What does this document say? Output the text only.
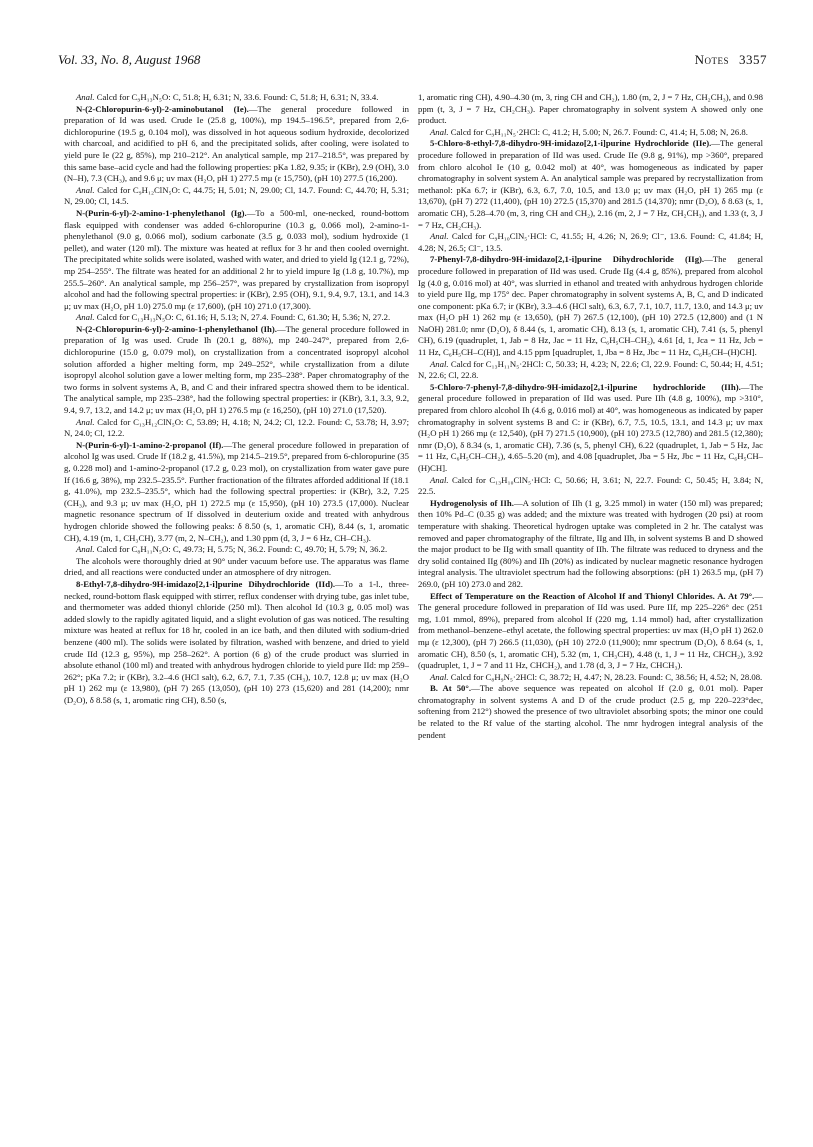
Vol. 33, No. 8, August 1968	Notes 3357

Anal. Calcd for C₉H₁₃N₅O: C, 51.8; H, 6.31; N, 33.6. Found: C, 51.8; H, 6.31; N, 33.4.

N-(2-Chloropurin-6-yl)-2-aminobutanol (Ie).—The general procedure followed in preparation of Id was used. Crude Ie (25.8 g, 100%), mp 194.5–196.5°, prepared from 2,6-dichloropurine (19.5 g, 0.104 mol), was dissolved in hot aqueous sodium hydroxide, decolorized with charcoal, and acidified to pH 6, and the precipitated solids, after cooling, were isolated to yield pure Ie (22 g, 85%), mp 210–212°. An analytical sample, mp 217–218.5°, was prepared by this same base–acid cycle and had the following properties: pKa 1.82, 9.35; ir (KBr), 2.9 (OH), 3.0 (N–H), 7.3 (CH₃), and 9.6 μ; uv max (H₂O, pH 1) 277.5 mμ (ε 15,750), (pH 10) 277.5 (16,200).

Anal. Calcd for C₉H₁₂ClN₅O: C, 44.75; H, 5.01; N, 29.00; Cl, 14.7. Found: C, 44.70; H, 5.31; N, 29.00; Cl, 14.5.

N-(Purin-6-yl)-2-amino-1-phenylethanol (Ig).—To a 500-ml, one-necked, round-bottom flask equipped with condenser was added 6-chloropurine (10.3 g, 0.066 mol), 2-amino-1-phenylethanol (9.0 g, 0.066 mol), sodium carbonate (3.5 g, 0.033 mol), sodium hydroxide (1 pellet), and water (120 ml). The mixture was heated at reflux for 3 hr and then cooled overnight. The precipitated white solids were isolated, washed with water, and dried to yield Ig (12.1 g, 72%), mp 254–255°. The filtrate was heated for an additional 2 hr to yield impure Ig (1.8 g, 10.7%), mp 255.5–260°. An analytical sample, mp 256–257°, was prepared by crystallization from isopropyl alcohol and had the following spectral properties: ir (KBr), 2.95 (OH), 9.1, 9.4, 9.7, 13.1, and 14.3 μ; uv max (H₂O, pH 1.0) 275.0 mμ (ε 17,600), (pH 10) 271.0 (17,300).

Anal. Calcd for C₁₃H₁₃N₅O: C, 61.16; H, 5.13; N, 27.4. Found: C, 61.30; H, 5.36; N, 27.2.

N-(2-Chloropurin-6-yl)-2-amino-1-phenylethanol (Ih).—The general procedure followed in preparation of Ig was used. Crude Ih (20.1 g, 88%), mp 240–247°, prepared from 2,6-dichloropurine (15.0 g, 0.079 mol), on crystallization from a concentrated isopropyl alcohol solution afforded a higher melting form, mp 249–252°, while crystallization from a dilute isopropyl alcohol solution gave a lower melting form, mp 235–238°. Paper chromatography of the two forms in solvent systems A, B, and C and their infrared spectra showed them to be identical. The analytical sample, mp 235–238°, had the following spectral properties: ir (KBr), 3.1, 3.3, 9.2, 9.4, 9.7, 13.2, and 14.2 μ; uv max (H₂O, pH 1) 276.5 mμ (ε 16,250), (pH 10) 271.0 (17,520).

Anal. Calcd for C₁₃H₁₂ClN₅O: C, 53.89; H, 4.18; N, 24.2; Cl, 12.2. Found: C, 53.78; H, 3.97; N, 24.0; Cl, 12.2.

N-(Purin-6-yl)-1-amino-2-propanol (If).—The general procedure followed in preparation of alcohol Ig was used. Crude If (18.2 g, 41.5%), mp 214.5–219.5°, prepared from 6-chloropurine (35 g, 0.228 mol) and 1-amino-2-propanol (17.2 g, 0.23 mol), on crystallization from water gave pure If (16.6 g, 38%), mp 232.5–235.5°. Further fractionation of the filtrates afforded additional If (18.1 g, 41.0%), mp 232.5–235.5°, which had the following spectral properties: ir (KBr), 3.2, 7.25 (CH₃), and 9.3 μ; uv max (H₂O, pH 1) 272.5 mμ (ε 15,950), (pH 10) 273.5 (17,000). Nuclear magnetic resonance spectrum of If dissolved in deuterium oxide and treated with anhydrous hydrogen chloride showed the following peaks: δ 8.50 (s, 1, aromatic CH), 8.44 (s, 1, aromatic CH), 4.19 (m, 1, CH₃CH), 3.77 (m, 2, N–CH₂), and 1.30 ppm (d, 3, J = 6 Hz, CH–CH₃).

Anal. Calcd for C₈H₁₁N₅O: C, 49.73; H, 5.75; N, 36.2. Found: C, 49.70; H, 5.79; N, 36.2.

The alcohols were thoroughly dried at 90° under vacuum before use. The apparatus was flame dried, and all reactions were conducted under an atmosphere of dry nitrogen.

8-Ethyl-7,8-dihydro-9H-imidazo[2,1-i]purine Dihydrochloride (IId).—To a 1-l., three-necked, round-bottom flask equipped with stirrer, reflux condenser with drying tube, gas inlet tube, and thermometer was added thionyl chloride (250 ml). Then alcohol Id (10.3 g, 0.05 mol) was added slowly to the rapidly agitated liquid, and a slight evolution of gas was noticed. The resulting mixture was heated at reflux for 18 hr, cooled in an ice bath, and then diluted with sodium-dried benzene (400 ml). The solids were isolated by filtration, washed with benzene, and dried to yield crude IId (12.3 g, 95%), mp 258–262°. A portion (6 g) of the crude product was slurried in absolute ethanol (100 ml) and treated with anhydrous hydrogen chloride to yield pure IId: mp 259–262°; pKa 7.2; ir (KBr), 3.2–4.6 (HCl salt), 6.2, 6.7, 7.1, 7.35 (CH₃), 10.7, 12.8 μ; uv max (H₂O pH 1) 262 mμ (ε 13,980), (pH 7) 265 (13,050), (pH 10) 273 (15,620) and 281 (14,200); nmr (D₂O), δ 8.58 (s, 1, aromatic ring CH), 8.50 (s,

1, aromatic ring CH), 4.90–4.30 (m, 3, ring CH and CH₂), 1.80 (m, 2, J = 7 Hz, CH₂CH₃), and 0.98 ppm (t, 3, J = 7 Hz, CH₂CH₃). Paper chromatography in solvent system A showed only one product.

Anal. Calcd for C₉H₁₁N₅·2HCl: C, 41.2; H, 5.00; N, 26.7. Found: C, 41.4; H, 5.08; N, 26.8.

5-Chloro-8-ethyl-7,8-dihydro-9H-imidazo[2,1-i]purine Hydrochloride (IIe).—The general procedure followed in preparation of IId was used. Crude IIe (9.8 g, 91%), mp >360°, prepared from chloro alcohol Ie (10 g, 0.042 mol) at 40°, was homogeneous as indicated by paper chromatography in solvent system A. An analytical sample was prepared by recrystallization from methanol: pKa 6.7; ir (KBr), 6.3, 6.7, 7.0, 10.5, and 13.0 μ; uv max (H₂O, pH 1) 265 mμ (ε 13,670), (pH 7) 272 (11,400), (pH 10) 272.5 (15,370) and 281.5 (14,370); nmr (D₂O), δ 8.63 (s, 1, aromatic CH), 5.28–4.70 (m, 3, ring CH and CH₂), 2.16 (m, 2, J = 7 Hz, CH₂CH₃), and 1.33 (t, 3, J = 7 Hz, CH₂CH₃).

Anal. Calcd for C₉H₁₀ClN₅·HCl: C, 41.55; H, 4.26; N, 26.9; Cl⁻, 13.6. Found: C, 41.84; H, 4.28; N, 26.5; Cl⁻, 13.5.

7-Phenyl-7,8-dihydro-9H-imidazo[2,1-i]purine Dihydrochloride (IIg).—The general procedure followed in preparation of IId was used. Crude IIg (4.4 g, 85%), prepared from alcohol Ig (4.0 g, 0.016 mol) at 40°, was slurried in ethanol and treated with anhydrous hydrogen chloride to yield pure IIg, mp 175° dec. Paper chromatography in solvent systems A, B, C, and D indicated one component: pKa 6.7; ir (KBr), 3.3–4.6 (HCl salt), 6.3, 6.7, 7.1, 10.7, 11.7, 13.0, and 14.3 μ; uv max (H₂O pH 1) 262 mμ (ε 13,650), (pH 7) 267.5 (12,100), (pH 10) 272.5 (12,800) and (1 N NaOH) 281.0; nmr (D₂O), δ 8.44 (s, 1, aromatic CH), 8.13 (s, 1, aromatic CH), 7.41 (s, 5, phenyl CH), 6.19 (quadruplet, 1, Jab = 8 Hz, Jac = 11 Hz, C₆H₅CH–CH₂), 4.61 [d, 1, Jca = 11 Hz, Jcb = 11 Hz, C₆H₅CH–C(H)], and 4.15 ppm [quadruplet, 1, Jba = 8 Hz, Jbc = 11 Hz, C₆H₅CH–(H)CH].

Anal. Calcd for C₁₃H₁₁N₅·2HCl: C, 50.33; H, 4.23; N, 22.6; Cl, 22.9. Found: C, 50.44; H, 4.51; N, 22.6; Cl, 22.8.

5-Chloro-7-phenyl-7,8-dihydro-9H-imidazo[2,1-i]purine hydrochloride (IIh).—The general procedure followed in preparation of IId was used. Pure IIh (4.8 g, 100%), mp >310°, prepared from chloro alcohol Ih (4.6 g, 0.016 mol) at 40°, was homogeneous as indicated by paper chromatography in solvent systems B and C: ir (KBr), 6.7, 7.5, 10.5, 13.1, and 14.3 μ; uv max (H₂O pH 1) 266 mμ (ε 12,540), (pH 7) 271.5 (10,900), (pH 10) 273.5 (12,780) and 281.5 (12,380); nmr (D₂O), δ 8.34 (s, 1, aromatic CH), 7.36 (s, 5, phenyl CH), 6.22 (quadruplet, 1, Jab = 5 Hz, Jac = 11 Hz, C₆H₅CH–CH₂), 4.65–5.20 (m), and 4.08 [quadruplet, Jba = 5 Hz, Jbc = 11 Hz, C₆H₅CH–(H)CH].

Anal. Calcd for C₁₃H₁₀ClN₅·HCl: C, 50.66; H, 3.61; N, 22.7. Found: C, 50.45; H, 3.84; N, 22.5.

Hydrogenolysis of IIh.—A solution of IIh (1 g, 3.25 mmol) in water (150 ml) was prepared; then 10% Pd–C (0.35 g) was added; and the mixture was treated with hydrogen (20 psi) at room temperature with shaking. Theoretical hydrogen uptake was completed in 2 hr. The catalyst was removed and paper chromatography of the filtrate, IIg and IIh, in solvent systems B and D showed the major product to be IIg with small quantity of IIh. The filtrate was reduced to dryness and the dry solid contained IIg (80%) and IIh (20%) as indicated by nuclear magnetic resonance hydrogen integral analysis. The ultraviolet spectrum had the following absorptions: (pH 1) 263.5 mμ, (pH 7) 269.0, (pH 10) 273.0 and 282.

Effect of Temperature on the Reaction of Alcohol If and Thionyl Chlorides. A. At 79°.—The general procedure followed in preparation of IId was used. Pure IIf, mp 225–226° dec (251 mg, 1.01 mmol, 89%), prepared from alcohol If (220 mg, 1.14 mmol) had, after crystallization from methanol–benzene–ethyl acetate, the following spectral properties: uv max (H₂O pH 1) 262.0 mμ (ε 12,300), (pH 7) 266.5 (11,030), (pH 10) 272.0 (11,900); nmr spectrum (D₂O), δ 8.64 (s, 1, aromatic CH), 8.50 (s, 1, aromatic CH), 5.32 (m, 1, CH₃CH), 4.48 (t, 1, J = 11 Hz, CHCH₂), 3.92 (quadruplet, 1, J = 7 and 11 Hz, CHCH₂), and 1.78 (d, 3, J = 7 Hz, CHCH₃).

Anal. Calcd for C₈H₉N₅·2HCl: C, 38.72; H, 4.47; N, 28.23. Found: C, 38.56; H, 4.52; N, 28.08.

B. At 50°.—The above sequence was repeated on alcohol If (2.0 g, 0.01 mol). Paper chromatography in solvent systems A and D of the crude product (2.5 g, mp 220–223°dec, softening from 212°) showed the presence of two ultraviolet absorbing spots; the minor one could be related to the Rf value of the starting alcohol. The nmr hydrogen integral analysis of the pendent
